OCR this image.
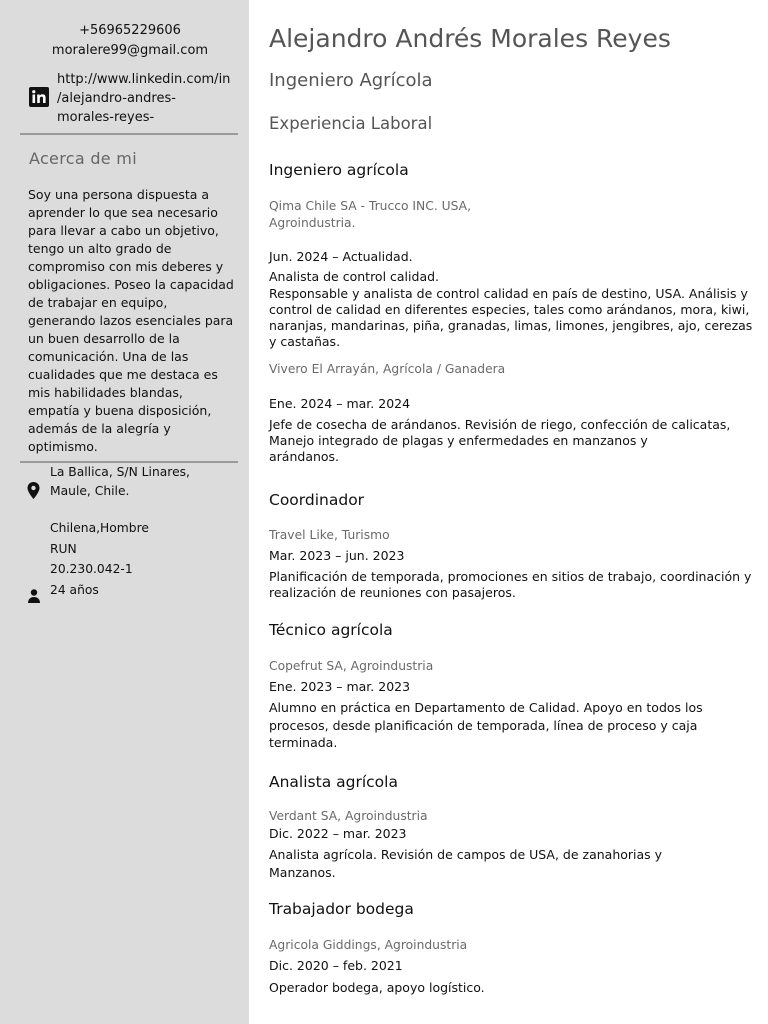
+56965229606
moralere99@gmail.com
http://www.linkedin.com/in
/alejandro-andres-
morales-reyes-
Acerca de mi
Soy una persona dispuesta a aprender lo que sea necesario para llevar a cabo un objetivo, tengo un alto grado de compromiso con mis deberes y obligaciones. Poseo la capacidad de trabajar en equipo, generando lazos esenciales para un buen desarrollo de la comunicación. Una de las cualidades que me destaca es mis habilidades blandas, empatía y buena disposición, además de la alegría y optimismo.
La Ballica, S/N Linares,
Maule, Chile.
Chilena,Hombre
RUN
20.230.042-1
24 años
Alejandro Andrés Morales Reyes
Ingeniero Agrícola
Experiencia Laboral
Ingeniero agrícola
Qima Chile SA - Trucco INC. USA,
Agroindustria.
Jun. 2024 – Actualidad.
Analista de control calidad.
Responsable y analista de control calidad en país de destino, USA. Análisis y
control de calidad en diferentes especies, tales como arándanos, mora, kiwi,
naranjas, mandarinas, piña, granadas, limas, limones, jengibres, ajo, cerezas
y castañas.
Vivero El Arrayán, Agrícola / Ganadera
Ene. 2024 – mar. 2024
Jefe de cosecha de arándanos. Revisión de riego, confección de calicatas,
Manejo integrado de plagas y enfermedades en manzanos y
arándanos.
Coordinador
Travel Like, Turismo
Mar. 2023 – jun. 2023
Planificación de temporada, promociones en sitios de trabajo, coordinación y
realización de reuniones con pasajeros.
Técnico agrícola
Copefrut SA, Agroindustria
Ene. 2023 – mar. 2023
Alumno en práctica en Departamento de Calidad. Apoyo en todos los
procesos, desde planificación de temporada, línea de proceso y caja
terminada.
Analista agrícola
Verdant SA, Agroindustria
Dic. 2022 – mar. 2023
Analista agrícola. Revisión de campos de USA, de zanahorias y
Manzanos.
Trabajador bodega
Agricola Giddings, Agroindustria
Dic. 2020 – feb. 2021
Operador bodega, apoyo logístico.
